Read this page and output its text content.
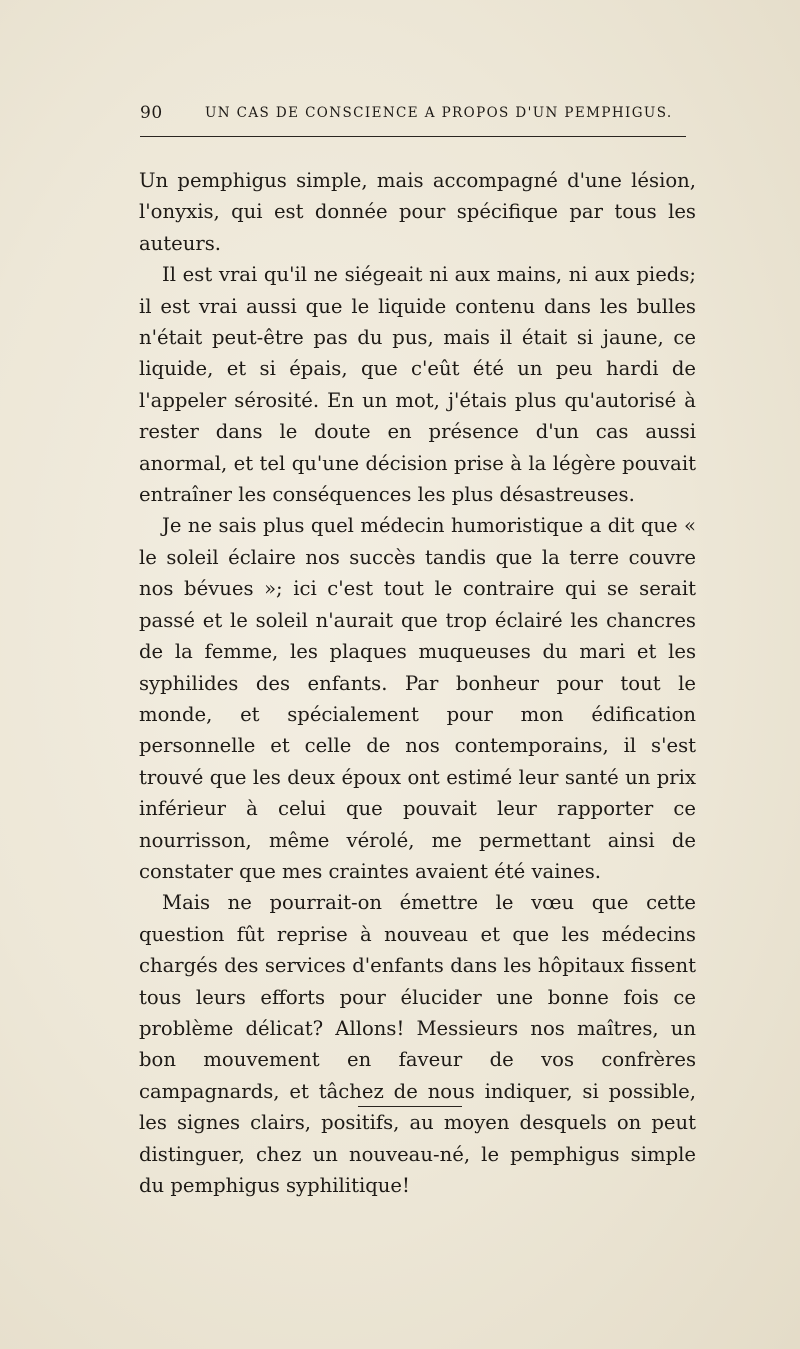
90	UN CAS DE CONSCIENCE A PROPOS D'UN PEMPHIGUS.

Un pemphigus simple, mais accompagné d'une lésion, l'onyxis, qui est donnée pour spécifique par tous les auteurs.

Il est vrai qu'il ne siégeait ni aux mains, ni aux pieds; il est vrai aussi que le liquide contenu dans les bulles n'était peut-être pas du pus, mais il était si jaune, ce liquide, et si épais, que c'eût été un peu hardi de l'appeler sérosité. En un mot, j'étais plus qu'autorisé à rester dans le doute en présence d'un cas aussi anormal, et tel qu'une décision prise à la légère pouvait entraîner les conséquences les plus désastreuses.

Je ne sais plus quel médecin humoristique a dit que « le soleil éclaire nos succès tandis que la terre couvre nos bévues »; ici c'est tout le contraire qui se serait passé et le soleil n'aurait que trop éclairé les chancres de la femme, les plaques muqueuses du mari et les syphilides des enfants. Par bonheur pour tout le monde, et spécialement pour mon édification personnelle et celle de nos contemporains, il s'est trouvé que les deux époux ont estimé leur santé un prix inférieur à celui que pouvait leur rapporter ce nourrisson, même vérolé, me permettant ainsi de constater que mes craintes avaient été vaines.

Mais ne pourrait-on émettre le vœu que cette question fût reprise à nouveau et que les médecins chargés des services d'enfants dans les hôpitaux fissent tous leurs efforts pour élucider une bonne fois ce problème délicat? Allons! Messieurs nos maîtres, un bon mouvement en faveur de vos confrères campagnards, et tâchez de nous indiquer, si possible, les signes clairs, positifs, au moyen desquels on peut distinguer, chez un nouveau-né, le pemphigus simple du pemphigus syphilitique!
